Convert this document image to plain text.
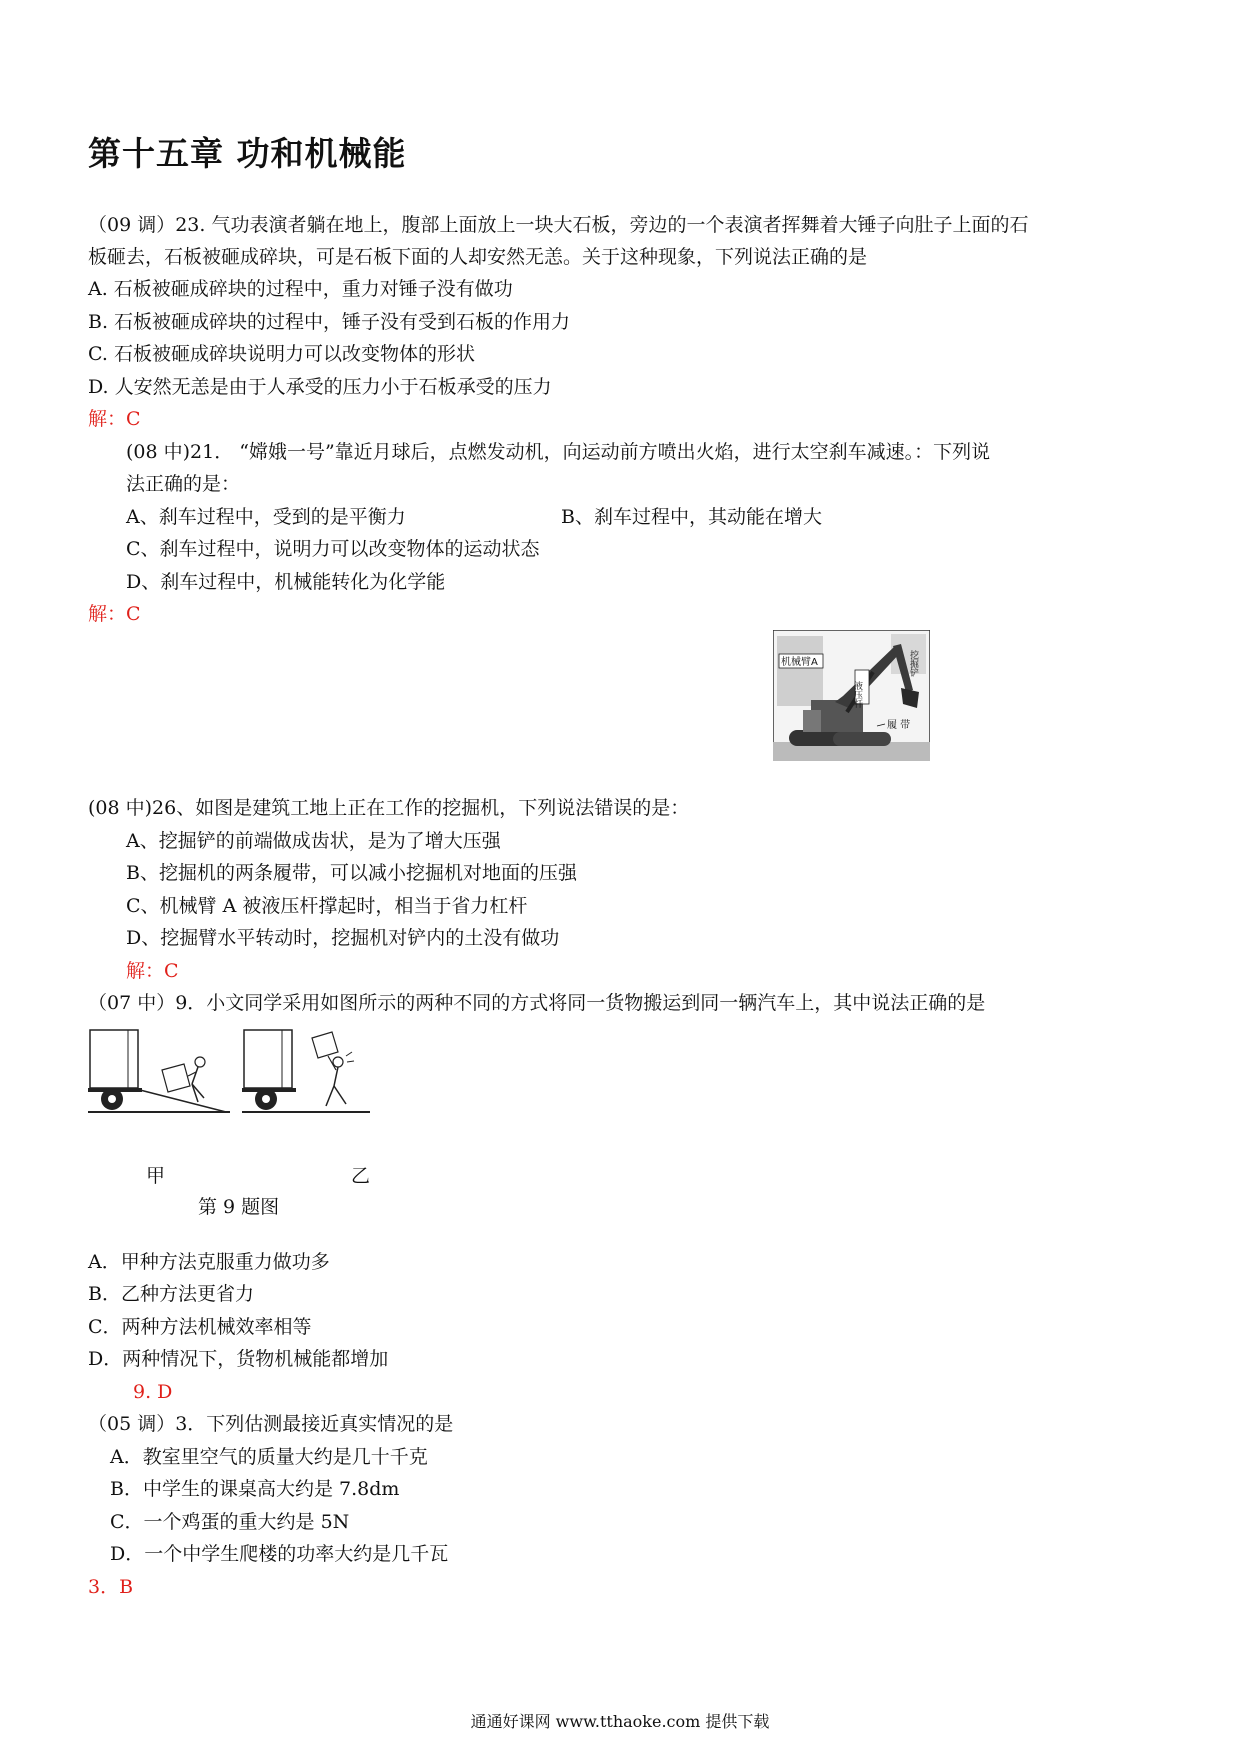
第十五章 功和机械能
（09 调）23. 气功表演者躺在地上，腹部上面放上一块大石板，旁边的一个表演者挥舞着大锤子向肚子上面的石
板砸去，石板被砸成碎块，可是石板下面的人却安然无恙。关于这种现象，下列说法正确的是
A. 石板被砸成碎块的过程中，重力对锤子没有做功
B. 石板被砸成碎块的过程中，锤子没有受到石板的作用力
C. 石板被砸成碎块说明力可以改变物体的形状
D. 人安然无恙是由于人承受的压力小于石板承受的压力
解：C
(08 中)21． “嫦娥一号”靠近月球后，点燃发动机，向运动前方喷出火焰，进行太空刹车减速。：下列说
法正确的是：
A、刹车过程中，受到的是平衡力	B、刹车过程中，其动能在增大
C、刹车过程中，说明力可以改变物体的运动状态
D、刹车过程中，机械能转化为化学能
解：C
机械臂A
液压杆
挖掘铲
履 带
(08 中)26、如图是建筑工地上正在工作的挖掘机，下列说法错误的是：
A、挖掘铲的前端做成齿状，是为了增大压强
B、挖掘机的两条履带，可以减小挖掘机对地面的压强
C、机械臂 A 被液压杆撑起时，相当于省力杠杆
D、挖掘臂水平转动时，挖掘机对铲内的土没有做功
解：C
（07 中）9．小文同学采用如图所示的两种不同的方式将同一货物搬运到同一辆汽车上，其中说法正确的是
甲	乙
第 9 题图
A．甲种方法克服重力做功多
B．乙种方法更省力
C．两种方法机械效率相等
D．两种情况下，货物机械能都增加
9. D
（05 调）3．下列估测最接近真实情况的是
A．教室里空气的质量大约是几十千克
B．中学生的课桌高大约是 7.8dm
C．一个鸡蛋的重大约是 5N
D．一个中学生爬楼的功率大约是几千瓦
3．B
通通好课网 www.tthaoke.com 提供下载
